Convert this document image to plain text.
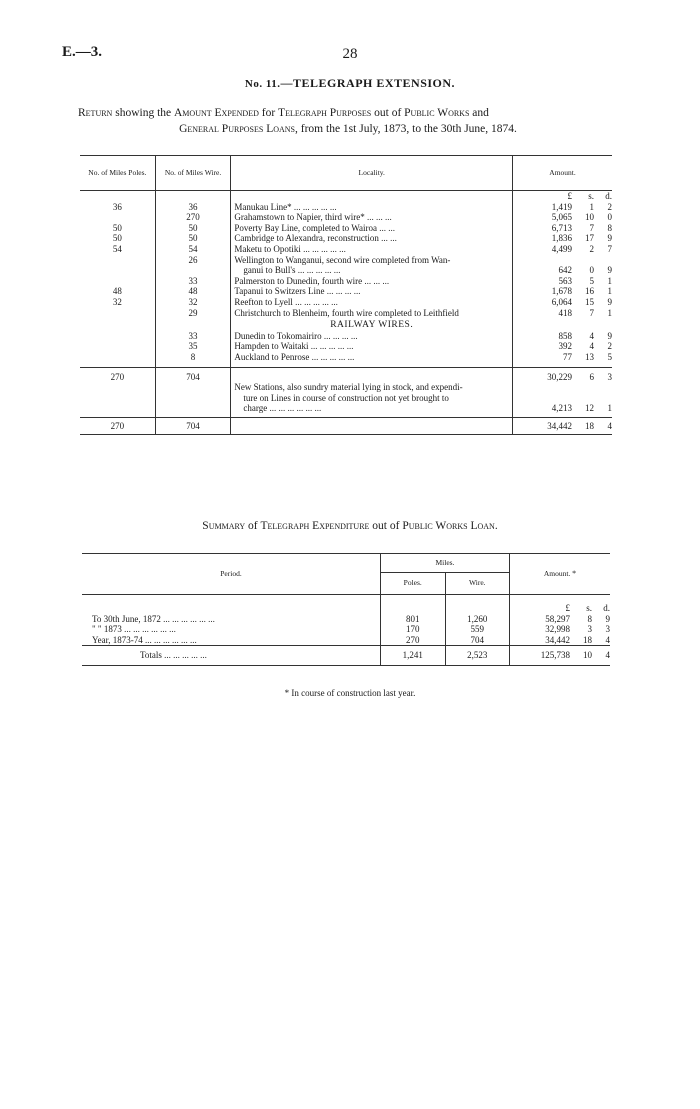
E.—3.	28
No. 11.—TELEGRAPH EXTENSION.
Return showing the Amount Expended for Telegraph Purposes out of Public Works and
General Purposes Loans, from the 1st July, 1873, to the 30th June, 1874.
No. of Miles Poles.	No. of Miles Wire.	Locality.	Amount.
			£ s. d.
36	36	Manukau Line* ... ... ... ... ...	1,419 1 2
	270	Grahamstown to Napier, third wire* ... ... ...	5,065 10 0
50	50	Poverty Bay Line, completed to Wairoa ... ...	6,713 7 8
50	50	Cambridge to Alexandra, reconstruction ... ...	1,836 17 9
54	54	Maketu to Opotiki ... ... ... ... ...	4,499 2 7
	26	Wellington to Wanganui, second wire completed from Wan-	
		ganui to Bull's ... ... ... ... ...	642 0 9
	33	Palmerston to Dunedin, fourth wire ... ... ...	563 5 1
48	48	Tapanui to Switzers Line ... ... ... ...	1,678 16 1
32	32	Reefton to Lyell ... ... ... ... ...	6,064 15 9
	29	Christchurch to Blenheim, fourth wire completed to Leithfield	418 7 1
		RAILWAY WIRES.	
	33	Dunedin to Tokomairiro ... ... ... ...	858 4 9
	35	Hampden to Waitaki ... ... ... ... ...	392 4 2
	8	Auckland to Penrose ... ... ... ... ...	77 13 5

270	704		30,229 6 3
		New Stations, also sundry material lying in stock, and expendi-	
		ture on Lines in course of construction not yet brought to	
		charge ... ... ... ... ... ...	4,213 12 1

270	704		34,442 18 4
Summary of Telegraph Expenditure out of Public Works Loan.
Period.	Miles.		Amount. *
	Poles.	Wire.	
			£ s. d.
To 30th June, 1872 ... ... ... ... ... ...	801	1,260	58,297 8 9
" " 1873 ... ... ... ... ... ...	170	559	32,998 3 3
Year, 1873-74 ... ... ... ... ... ...	270	704	34,442 18 4
Totals ... ... ... ... ...	1,241	2,523	125,738 10 4
* In course of construction last year.
